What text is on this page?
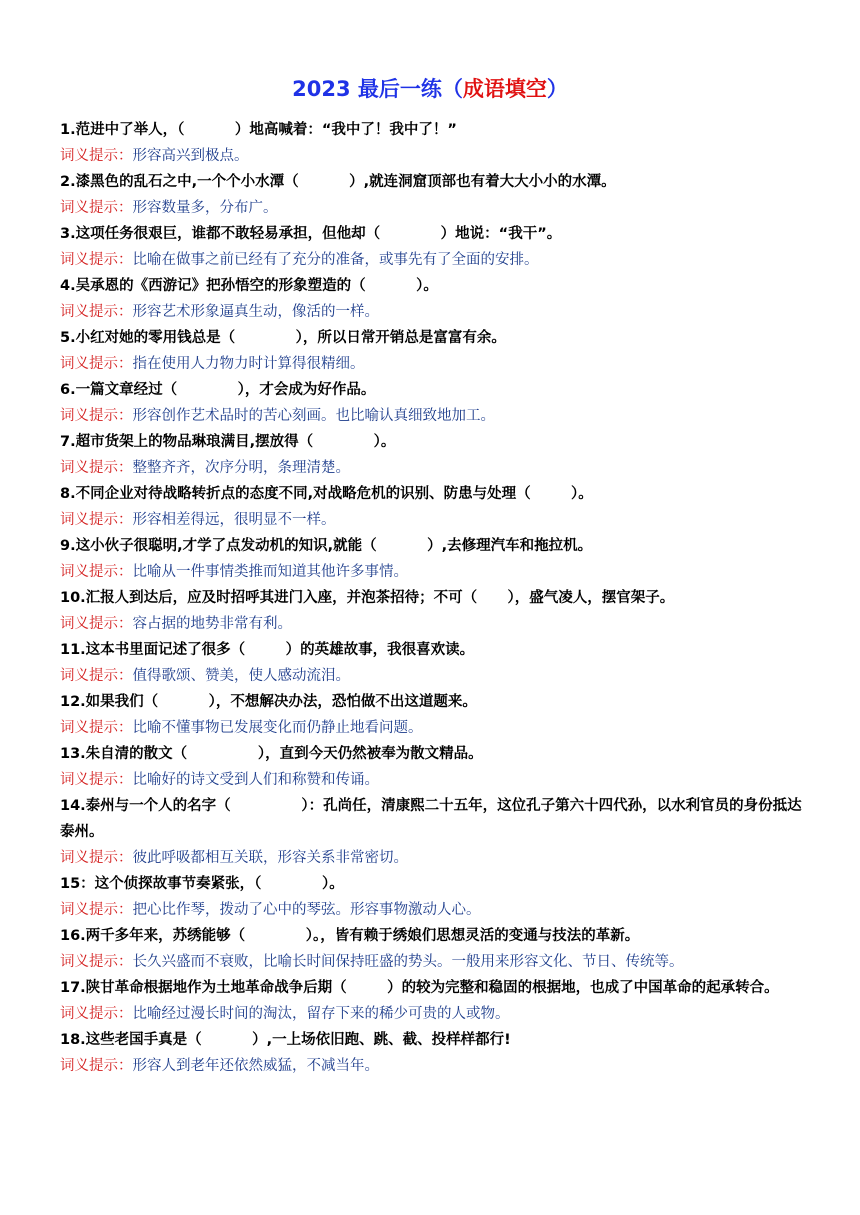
2023 最后一练（成语填空）

1.范进中了举人，（          ）地高喊着：“我中了！我中了！”

词义提示：形容高兴到极点。

2.漆黑色的乱石之中,一个个小水潭（          ）,就连洞窟顶部也有着大大小小的水潭。

词义提示：形容数量多，分布广。

3.这项任务很艰巨，谁都不敢轻易承担，但他却（            ）地说：“我干”。

词义提示：比喻在做事之前已经有了充分的准备，或事先有了全面的安排。

4.吴承恩的《西游记》把孙悟空的形象塑造的（          ）。

词义提示：形容艺术形象逼真生动，像活的一样。

5.小红对她的零用钱总是（            ），所以日常开销总是富富有余。

词义提示：指在使用人力物力时计算得很精细。

6.一篇文章经过（            ），才会成为好作品。

词义提示：形容创作艺术品时的苦心刻画。也比喻认真细致地加工。

7.超市货架上的物品琳琅满目,摆放得（            ）。

词义提示：整整齐齐，次序分明，条理清楚。

8.不同企业对待战略转折点的态度不同,对战略危机的识别、防患与处理（        ）。

词义提示：形容相差得远，很明显不一样。

9.这小伙子很聪明,才学了点发动机的知识,就能（          ）,去修理汽车和拖拉机。

词义提示：比喻从一件事情类推而知道其他许多事情。

10.汇报人到达后，应及时招呼其进门入座，并泡茶招待；不可（      ），盛气凌人，摆官架子。

词义提示：容占据的地势非常有利。

11.这本书里面记述了很多（        ）的英雄故事，我很喜欢读。

词义提示：值得歌颂、赞美，使人感动流泪。

12.如果我们（          ），不想解决办法，恐怕做不出这道题来。

词义提示：比喻不懂事物已发展变化而仍静止地看问题。

13.朱自清的散文（              ），直到今天仍然被奉为散文精品。

词义提示：比喻好的诗文受到人们和称赞和传诵。

14.泰州与一个人的名字（              ）：孔尚任，清康熙二十五年，这位孔子第六十四代孙，以水利官员的身份抵达泰州。

词义提示：彼此呼吸都相互关联，形容关系非常密切。

15：这个侦探故事节奏紧张，（            ）。

词义提示：把心比作琴，拨动了心中的琴弦。形容事物激动人心。

16.两千多年来，苏绣能够（            ）。，皆有赖于绣娘们思想灵活的变通与技法的革新。

词义提示：长久兴盛而不衰败，比喻长时间保持旺盛的势头。一般用来形容文化、节日、传统等。

17.陕甘革命根据地作为土地革命战争后期（        ）的较为完整和稳固的根据地，也成了中国革命的起承转合。

词义提示：比喻经过漫长时间的淘汰，留存下来的稀少可贵的人或物。

18.这些老国手真是（          ）,一上场依旧跑、跳、截、投样样都行!

词义提示：形容人到老年还依然威猛，不减当年。
